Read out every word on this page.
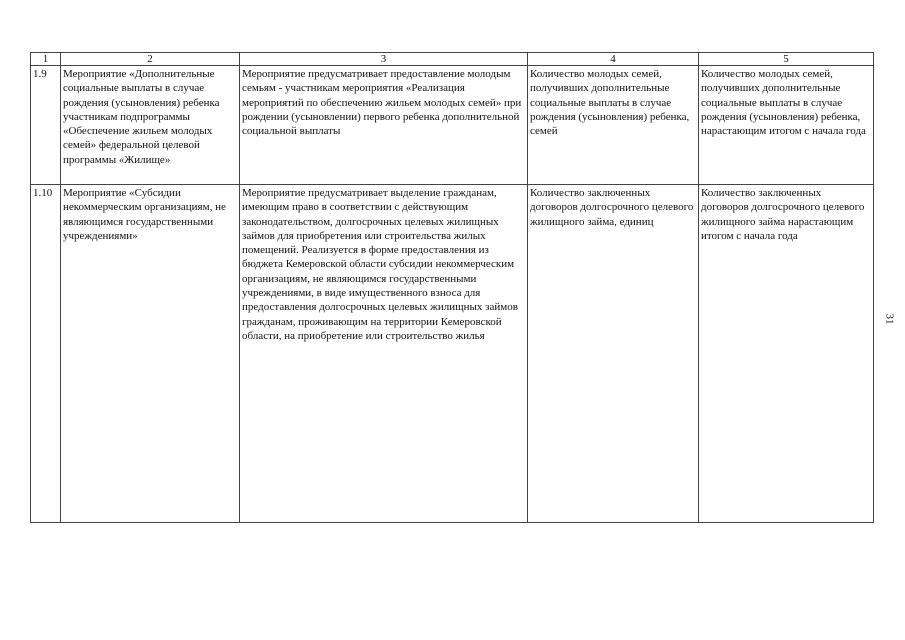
1	2	3	4	5
1.9	Мероприятие «Дополнительные социальные выплаты в случае рождения (усыновления) ребенка участникам подпрограммы «Обеспечение жильем молодых семей» федеральной целевой программы «Жилище»	Мероприятие предусматривает предоставление молодым семьям - участникам мероприятия «Реализация мероприятий по обеспечению жильем молодых семей» при рождении (усыновлении) первого ребенка дополнительной социальной выплаты	Количество молодых семей, получивших дополнительные социальные выплаты в случае рождения (усыновления) ребенка, семей	Количество молодых семей, получивших дополнительные социальные выплаты в случае рождения (усыновления) ребенка, нарастающим итогом с начала года
1.10	Мероприятие «Субсидии некоммерческим организациям, не являющимся государственными учреждениями»	Мероприятие предусматривает выделение гражданам, имеющим право в соответствии с действующим законодательством, долгосрочных целевых жилищных займов для приобретения или строительства жилых помещений. Реализуется в форме предоставления из бюджета Кемеровской области субсидии некоммерческим организациям, не являющимся государственными учреждениями, в виде имущественного взноса для предоставления долгосрочных целевых жилищных займов гражданам, проживающим на территории Кемеровской области, на приобретение или строительство жилья	Количество заключенных договоров долгосрочного целевого жилищного займа, единиц	Количество заключенных договоров долгосрочного целевого жилищного займа нарастающим итогом с начала года
31
